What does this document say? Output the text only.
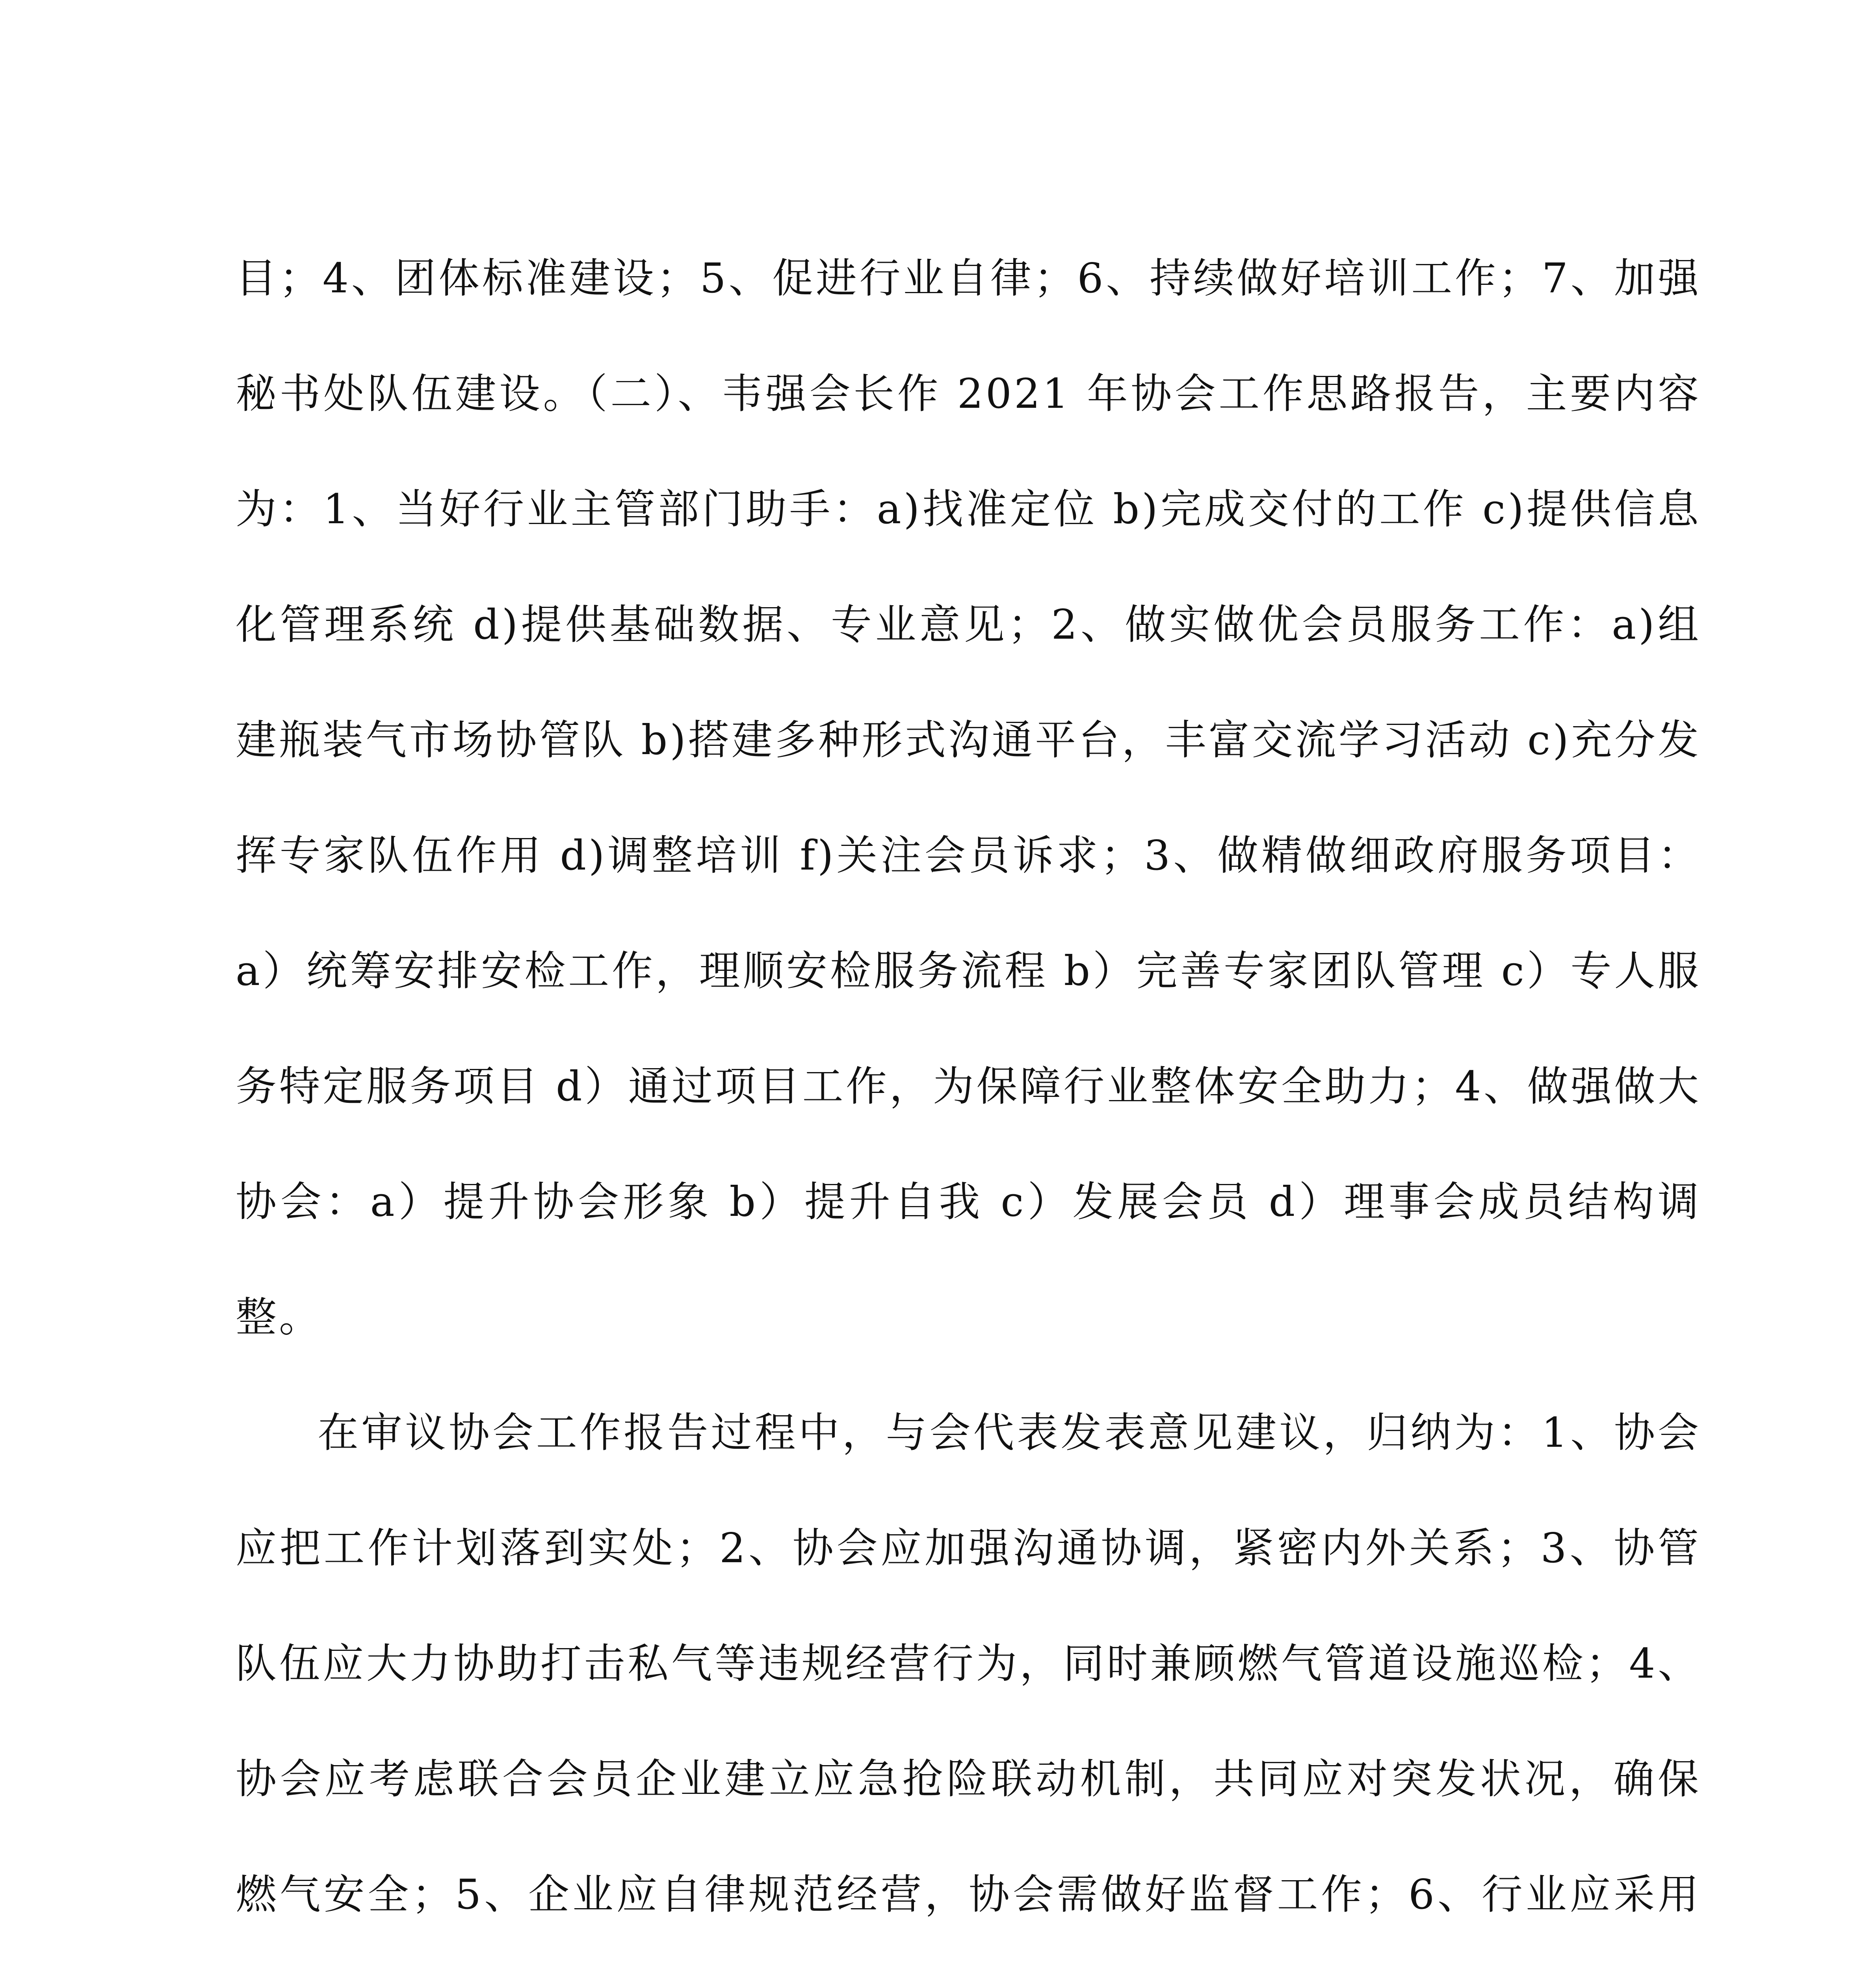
目；4、团体标准建设；5、促进行业自律；6、持续做好培训工作；7、加强秘书处队伍建设。（二）、韦强会长作 2021 年协会工作思路报告，主要内容为：1、当好行业主管部门助手：a)找准定位 b)完成交付的工作 c)提供信息化管理系统 d)提供基础数据、专业意见；2、做实做优会员服务工作：a)组建瓶装气市场协管队 b)搭建多种形式沟通平台，丰富交流学习活动 c)充分发挥专家队伍作用 d)调整培训 f)关注会员诉求；3、做精做细政府服务项目：a）统筹安排安检工作，理顺安检服务流程 b）完善专家团队管理 c）专人服务特定服务项目 d）通过项目工作，为保障行业整体安全助力；4、做强做大协会：a）提升协会形象 b）提升自我 c）发展会员 d）理事会成员结构调整。

在审议协会工作报告过程中，与会代表发表意见建议，归纳为：1、协会应把工作计划落到实处；2、协会应加强沟通协调，紧密内外关系；3、协管队伍应大力协助打击私气等违规经营行为，同时兼顾燃气管道设施巡检；4、协会应考虑联合会员企业建立应急抢险联动机制，共同应对突发状况，确保燃气安全；5、企业应自律规范经营，协会需做好监督工作；6、行业应采用
